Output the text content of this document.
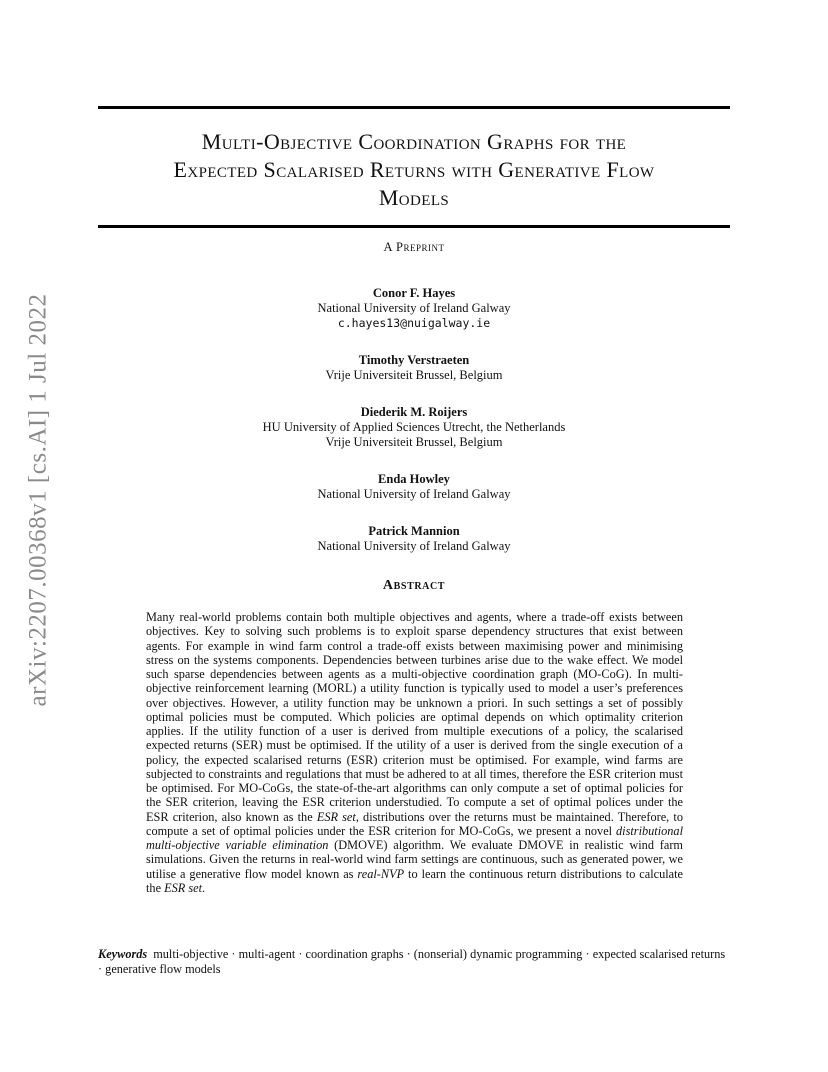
arXiv:2207.00368v1 [cs.AI] 1 Jul 2022
Multi-Objective Coordination Graphs for the
Expected Scalarised Returns with Generative Flow
Models
A Preprint
Conor F. Hayes
National University of Ireland Galway
c.hayes13@nuigalway.ie
Timothy Verstraeten
Vrije Universiteit Brussel, Belgium
Diederik M. Roijers
HU University of Applied Sciences Utrecht, the Netherlands
Vrije Universiteit Brussel, Belgium
Enda Howley
National University of Ireland Galway
Patrick Mannion
National University of Ireland Galway
Abstract
Many real-world problems contain both multiple objectives and agents, where a trade-off exists between objectives. Key to solving such problems is to exploit sparse dependency structures that exist between agents. For example in wind farm control a trade-off exists between maximising power and minimising stress on the systems components. Dependencies between turbines arise due to the wake effect. We model such sparse dependencies between agents as a multi-objective coordination graph (MO-CoG). In multi-objective reinforcement learning (MORL) a utility function is typically used to model a user’s preferences over objectives. However, a utility function may be unknown a priori. In such settings a set of possibly optimal policies must be computed. Which policies are optimal depends on which optimality criterion applies. If the utility function of a user is derived from multiple executions of a policy, the scalarised expected returns (SER) must be optimised. If the utility of a user is derived from the single execution of a policy, the expected scalarised returns (ESR) criterion must be optimised. For example, wind farms are subjected to constraints and regulations that must be adhered to at all times, therefore the ESR criterion must be optimised. For MO-CoGs, the state-of-the-art algorithms can only compute a set of optimal policies for the SER criterion, leaving the ESR criterion understudied. To compute a set of optimal polices under the ESR criterion, also known as the ESR set, distributions over the returns must be maintained. Therefore, to compute a set of optimal policies under the ESR criterion for MO-CoGs, we present a novel distributional multi-objective variable elimination (DMOVE) algorithm. We evaluate DMOVE in realistic wind farm simulations. Given the returns in real-world wind farm settings are continuous, such as generated power, we utilise a generative flow model known as real-NVP to learn the continuous return distributions to calculate the ESR set.
Keywords multi-objective · multi-agent · coordination graphs · (nonserial) dynamic programming · expected scalarised returns · generative flow models
